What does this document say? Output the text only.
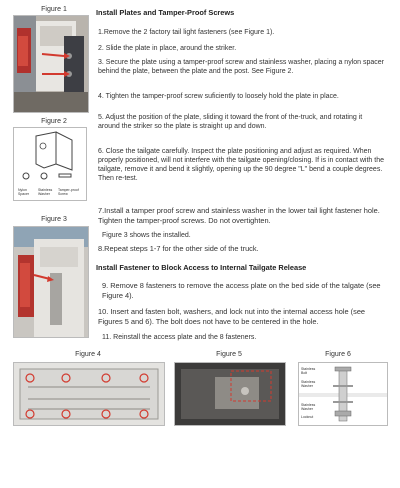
Figure 1
Figure 2
Nylon Spacer
Stainless Washer
Tamper-proof Screw
Figure 3
Install Plates and Tamper-Proof Screws
1.Remove the 2 factory tail light fasteners (see Figure 1).
2. Slide the plate in place, around the striker.
3. Secure the plate using a tamper-proof screw and stainless washer, placing a nylon spacer behind the plate, between the plate and the post. See Figure 2.
4. Tighten the tamper-proof screw suficiently to loosely hold the plate in place.
5. Adjust the position of the plate, sliding it toward the front of the-truck, and rotating it around the striker so the plate is straight up and down.
6. Close the tailgate carefully. Inspect the plate positioning and adjust as required. When properly positioned, will not interfere with the tailgate opening/closing. If is in contact with the tailgate, remove it and bend it slightly, opening up the 90 degree "L" bend a couple degrees. Then re-test.
7.Install a tamper proof screw and stainless washer in the lower tail light fastener hole. Tighten the tamper-proof screws. Do not overtighten.
Figure 3 shows the installed.
8.Repeat steps 1-7 for the other side of the truck.
Install Fastener to Block Access to Internal Tailgate Release
9. Remove 8 fasteners to remove the access plate on the bed side of the talgate (see Figure 4).
10. Insert and fasten bolt, washers, and lock nut into the internal access hole (see Figures 5 and 6). The bolt does not have to be centered in the hole.
11. Reinstall the access plate and the 8 fasteners.
Figure 4	Figure 5	Figure 6
Stainless Bolt
Stainless Washer
Stainless Washer
Locknut
